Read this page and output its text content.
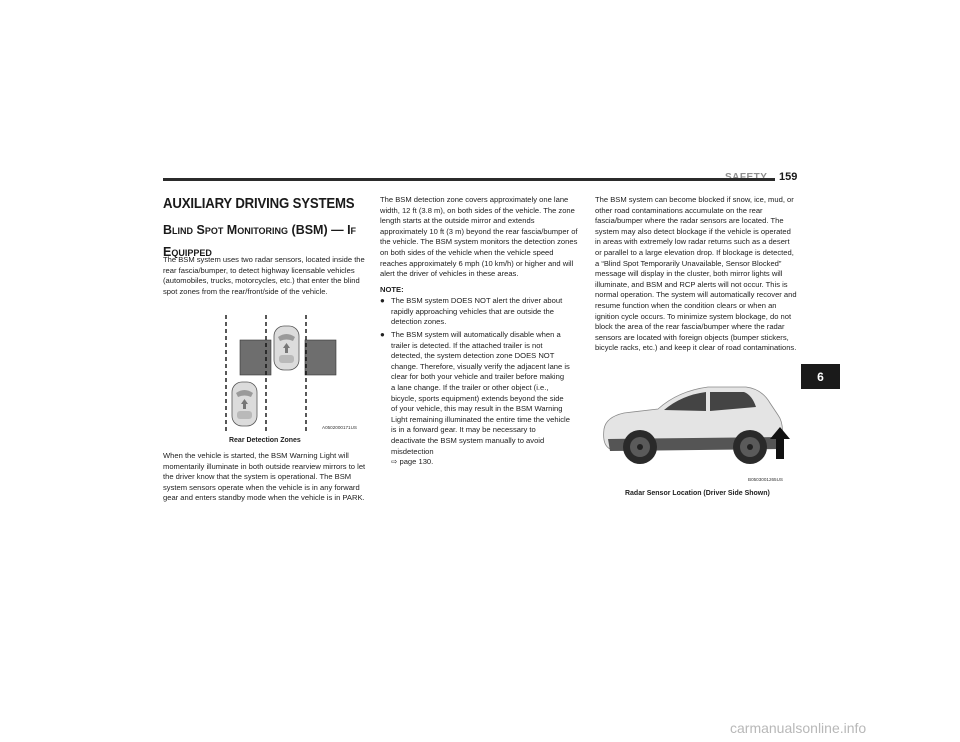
159
AUXILIARY DRIVING SYSTEMS
Blind Spot Monitoring (BSM) — If Equipped
The BSM system uses two radar sensors, located inside the rear fascia/bumper, to detect highway licensable vehicles (automobiles, trucks, motorcycles, etc.) that enter the blind spot zones from the rear/front/side of the vehicle.
A0502000171US
Rear Detection Zones
When the vehicle is started, the BSM Warning Light will momentarily illuminate in both outside rearview mirrors to let the driver know that the system is operational. The BSM system sensors operate when the vehicle is in any forward gear and enters standby mode when the vehicle is in PARK.
The BSM detection zone covers approximately one lane width, 12 ft (3.8 m), on both sides of the vehicle. The zone length starts at the outside mirror and extends approximately 10 ft (3 m) beyond the rear fascia/bumper of the vehicle. The BSM system monitors the detection zones on both sides of the vehicle when the vehicle speed reaches approximately 6 mph (10 km/h) or higher and will alert the driver of vehicles in these areas.
NOTE:
● The BSM system DOES NOT alert the driver about rapidly approaching vehicles that are outside the detection zones.
● The BSM system will automatically disable when a trailer is detected. If the attached trailer is not detected, the system detection zone DOES NOT change. Therefore, visually verify the adjacent lane is clear for both your vehicle and trailer before making a lane change. If the trailer or other object (i.e., bicycle, sports equipment) extends beyond the side of your vehicle, this may result in the BSM Warning Light remaining illuminated the entire time the vehicle is in a forward gear. It may be necessary to deactivate the BSM system manually to avoid misdetection
⇨ page 130.
The BSM system can become blocked if snow, ice, mud, or other road contaminations accumulate on the rear fascia/bumper where the radar sensors are located. The system may also detect blockage if the vehicle is operated in areas with extremely low radar returns such as a desert or parallel to a large elevation drop. If blockage is detected, a “Blind Spot Temporarily Unavailable, Sensor Blocked” message will display in the cluster, both mirror lights will illuminate, and BSM and RCP alerts will not occur. This is normal operation. The system will automatically recover and resume function when the condition clears or when an ignition cycle occurs. To minimize system blockage, do not block the area of the rear fascia/bumper where the radar sensors are located with foreign objects (bumper stickers, bicycle racks, etc.) and keep it clear of road contaminations.
B0503001265US
Radar Sensor Location (Driver Side Shown)
6
carmanualsonline.info
